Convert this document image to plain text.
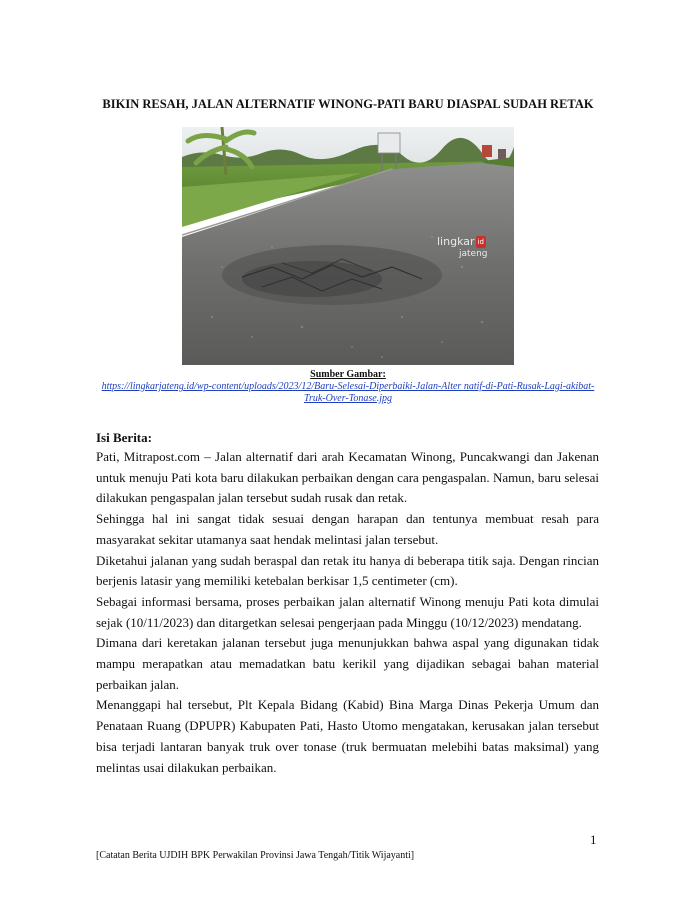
BIKIN RESAH, JALAN ALTERNATIF WINONG-PATI BARU DIASPAL SUDAH RETAK
lingkar id
jateng
Sumber Gambar:
https://lingkarjateng.id/wp-content/uploads/2023/12/Baru-Selesai-Diperbaiki-Jalan-Alter natif-di-Pati-Rusak-Lagi-akibat-Truk-Over-Tonase.jpg
Isi Berita:

Pati, Mitrapost.com – Jalan alternatif dari arah Kecamatan Winong, Puncakwangi dan Jakenan untuk menuju Pati kota baru dilakukan perbaikan dengan cara pengaspalan. Namun, baru selesai dilakukan pengaspalan jalan tersebut sudah rusak dan retak.

Sehingga hal ini sangat tidak sesuai dengan harapan dan tentunya membuat resah para masyarakat sekitar utamanya saat hendak melintasi jalan tersebut.

Diketahui jalanan yang sudah beraspal dan retak itu hanya di beberapa titik saja. Dengan rincian berjenis latasir yang memiliki ketebalan berkisar 1,5 centimeter (cm).

Sebagai informasi bersama, proses perbaikan jalan alternatif Winong menuju Pati kota dimulai sejak (10/11/2023) dan ditargetkan selesai pengerjaan pada Minggu (10/12/2023) mendatang.

Dimana dari keretakan jalanan tersebut juga menunjukkan bahwa aspal yang digunakan tidak mampu merapatkan atau memadatkan batu kerikil yang dijadikan sebagai bahan material perbaikan jalan.

Menanggapi hal tersebut, Plt Kepala Bidang (Kabid) Bina Marga Dinas Pekerja Umum dan Penataan Ruang (DPUPR) Kabupaten Pati, Hasto Utomo mengatakan, kerusakan jalan tersebut bisa terjadi lantaran banyak truk over tonase (truk bermuatan melebihi batas maksimal) yang melintas usai dilakukan perbaikan.

1
[Catatan Berita UJDIH BPK Perwakilan Provinsi Jawa Tengah/Titik Wijayanti]
